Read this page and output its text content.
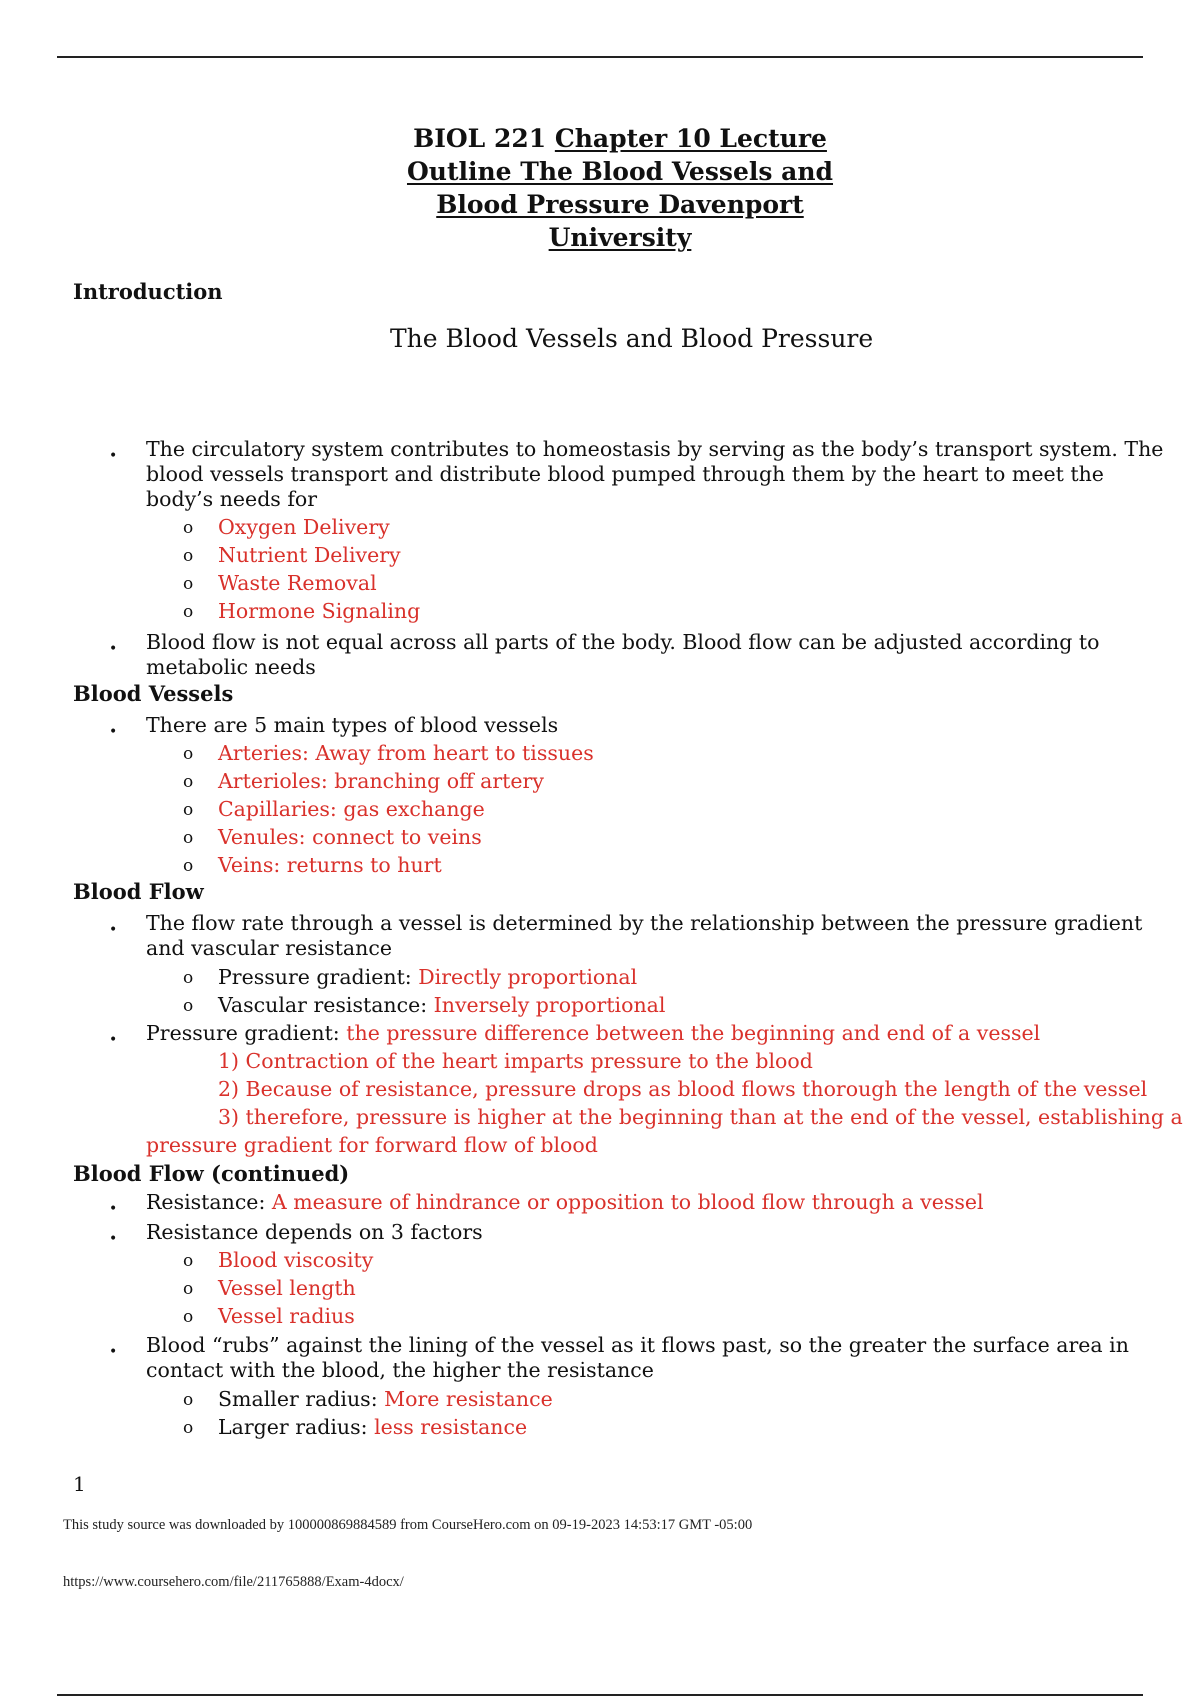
BIOL 221 Chapter 10 Lecture
Outline The Blood Vessels and
Blood Pressure Davenport
University
Introduction
The Blood Vessels and Blood Pressure
• The circulatory system contributes to homeostasis by serving as the body’s transport system. The
blood vessels transport and distribute blood pumped through them by the heart to meet the
body’s needs for
o Oxygen Delivery
o Nutrient Delivery
o Waste Removal
o Hormone Signaling
• Blood flow is not equal across all parts of the body. Blood flow can be adjusted according to
metabolic needs
Blood Vessels
• There are 5 main types of blood vessels
o Arteries: Away from heart to tissues
o Arterioles: branching off artery
o Capillaries: gas exchange
o Venules: connect to veins
o Veins: returns to hurt
Blood Flow
• The flow rate through a vessel is determined by the relationship between the pressure gradient
and vascular resistance
o Pressure gradient: Directly proportional
o Vascular resistance: Inversely proportional
• Pressure gradient: the pressure difference between the beginning and end of a vessel
1) Contraction of the heart imparts pressure to the blood
2) Because of resistance, pressure drops as blood flows thorough the length of the vessel
3) therefore, pressure is higher at the beginning than at the end of the vessel, establishing a
pressure gradient for forward flow of blood
Blood Flow (continued)
• Resistance: A measure of hindrance or opposition to blood flow through a vessel
• Resistance depends on 3 factors
o Blood viscosity
o Vessel length
o Vessel radius
• Blood “rubs” against the lining of the vessel as it flows past, so the greater the surface area in
contact with the blood, the higher the resistance
o Smaller radius: More resistance
o Larger radius: less resistance
1
This study source was downloaded by 100000869884589 from CourseHero.com on 09-19-2023 14:53:17 GMT -05:00
https://www.coursehero.com/file/211765888/Exam-4docx/
